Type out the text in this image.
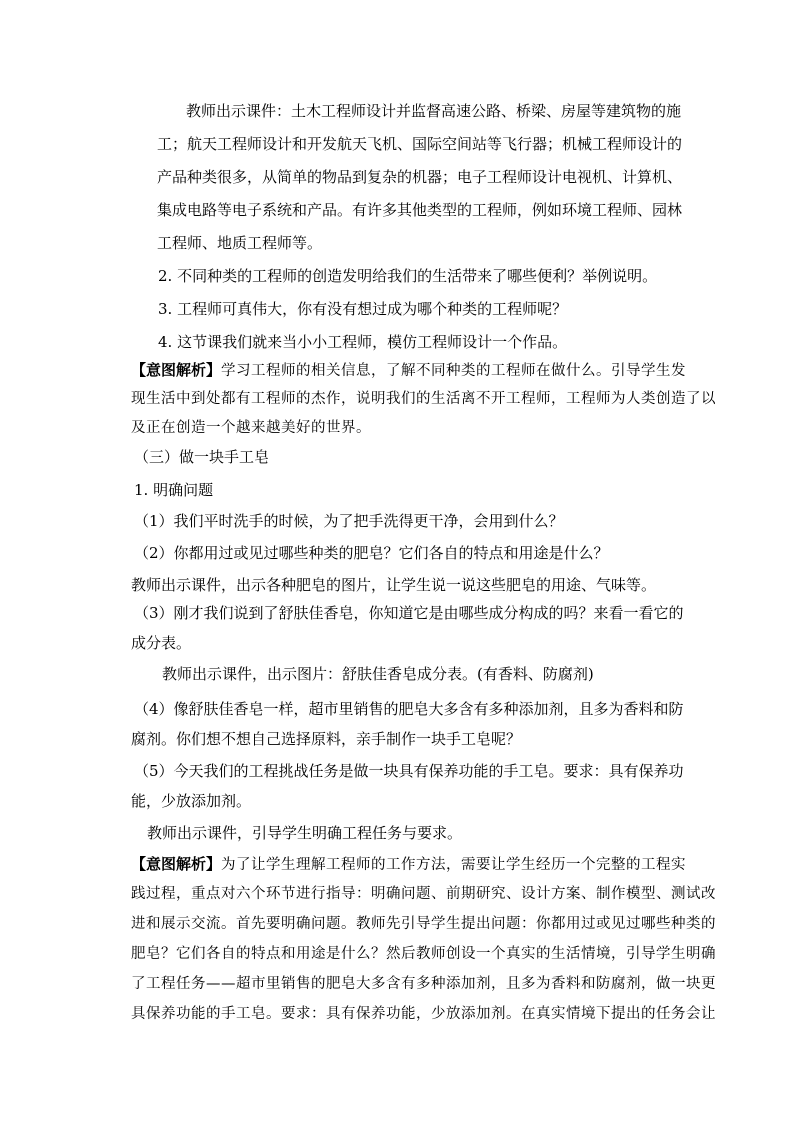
教师出示课件：土木工程师设计并监督高速公路、桥梁、房屋等建筑物的施
工；航天工程师设计和开发航天飞机、国际空间站等飞行器；机械工程师设计的
产品种类很多，从简单的物品到复杂的机器；电子工程师设计电视机、计算机、
集成电路等电子系统和产品。有许多其他类型的工程师，例如环境工程师、园林
工程师、地质工程师等。
2. 不同种类的工程师的创造发明给我们的生活带来了哪些便利？举例说明。
3. 工程师可真伟大，你有没有想过成为哪个种类的工程师呢？
4. 这节课我们就来当小小工程师，模仿工程师设计一个作品。
【意图解析】学习工程师的相关信息，了解不同种类的工程师在做什么。引导学生发
现生活中到处都有工程师的杰作，说明我们的生活离不开工程师，工程师为人类创造了以
及正在创造一个越来越美好的世界。
（三）做一块手工皂
1. 明确问题
（1）我们平时洗手的时候，为了把手洗得更干净，会用到什么？
（2）你都用过或见过哪些种类的肥皂？它们各自的特点和用途是什么？
教师出示课件，出示各种肥皂的图片，让学生说一说这些肥皂的用途、气味等。
（3）刚才我们说到了舒肤佳香皂，你知道它是由哪些成分构成的吗？来看一看它的
成分表。
教师出示课件，出示图片：舒肤佳香皂成分表。(有香料、防腐剂)
（4）像舒肤佳香皂一样，超市里销售的肥皂大多含有多种添加剂，且多为香料和防
腐剂。你们想不想自己选择原料，亲手制作一块手工皂呢？
（5）今天我们的工程挑战任务是做一块具有保养功能的手工皂。要求：具有保养功
能，少放添加剂。
教师出示课件，引导学生明确工程任务与要求。
【意图解析】为了让学生理解工程师的工作方法，需要让学生经历一个完整的工程实
践过程，重点对六个环节进行指导：明确问题、前期研究、设计方案、制作模型、测试改
进和展示交流。首先要明确问题。教师先引导学生提出问题：你都用过或见过哪些种类的
肥皂？它们各自的特点和用途是什么？然后教师创设一个真实的生活情境，引导学生明确
了工程任务——超市里销售的肥皂大多含有多种添加剂，且多为香料和防腐剂，做一块更
具保养功能的手工皂。要求：具有保养功能，少放添加剂。在真实情境下提出的任务会让
